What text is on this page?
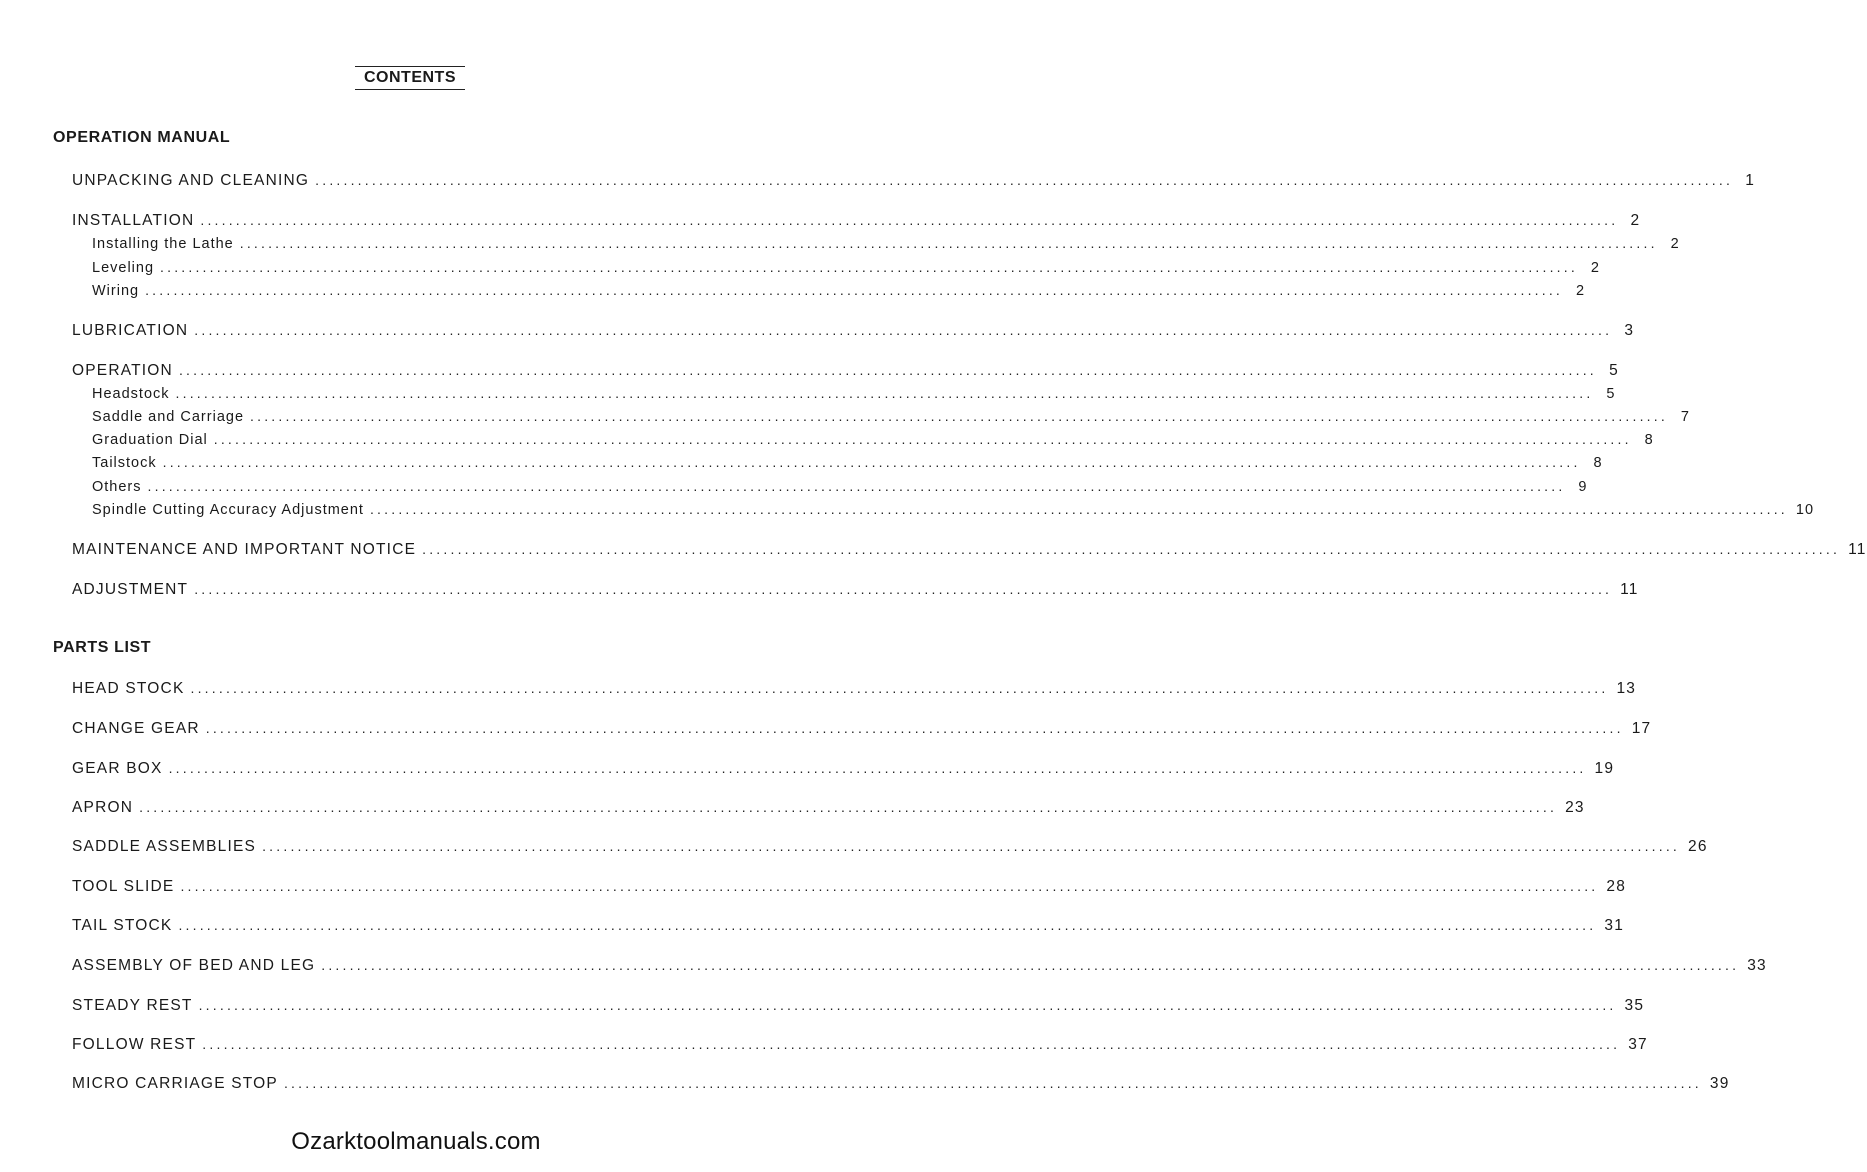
CONTENTS
OPERATION MANUAL
UNPACKING AND CLEANING ........................................................................................................................................................................................................ 1
INSTALLATION ........................................................................................................................................................................................................ 2
Installing the Lathe ........................................................................................................................................................................................................ 2
Leveling ........................................................................................................................................................................................................ 2
Wiring ........................................................................................................................................................................................................ 2
LUBRICATION ........................................................................................................................................................................................................ 3
OPERATION ........................................................................................................................................................................................................ 5
Headstock ........................................................................................................................................................................................................ 5
Saddle and Carriage ........................................................................................................................................................................................................ 7
Graduation Dial ........................................................................................................................................................................................................ 8
Tailstock ........................................................................................................................................................................................................ 8
Others ........................................................................................................................................................................................................ 9
Spindle Cutting Accuracy Adjustment ........................................................................................................................................................................................................ 10
MAINTENANCE AND IMPORTANT NOTICE ........................................................................................................................................................................................................ 11
ADJUSTMENT ........................................................................................................................................................................................................ 11
PARTS LIST
HEAD STOCK ........................................................................................................................................................................................................ 13
CHANGE GEAR ........................................................................................................................................................................................................ 17
GEAR BOX ........................................................................................................................................................................................................ 19
APRON ........................................................................................................................................................................................................ 23
SADDLE ASSEMBLIES ........................................................................................................................................................................................................ 26
TOOL SLIDE ........................................................................................................................................................................................................ 28
TAIL STOCK ........................................................................................................................................................................................................ 31
ASSEMBLY OF BED AND LEG ........................................................................................................................................................................................................ 33
STEADY REST ........................................................................................................................................................................................................ 35
FOLLOW REST ........................................................................................................................................................................................................ 37
MICRO CARRIAGE STOP ........................................................................................................................................................................................................ 39
Ozarktoolmanuals.com
